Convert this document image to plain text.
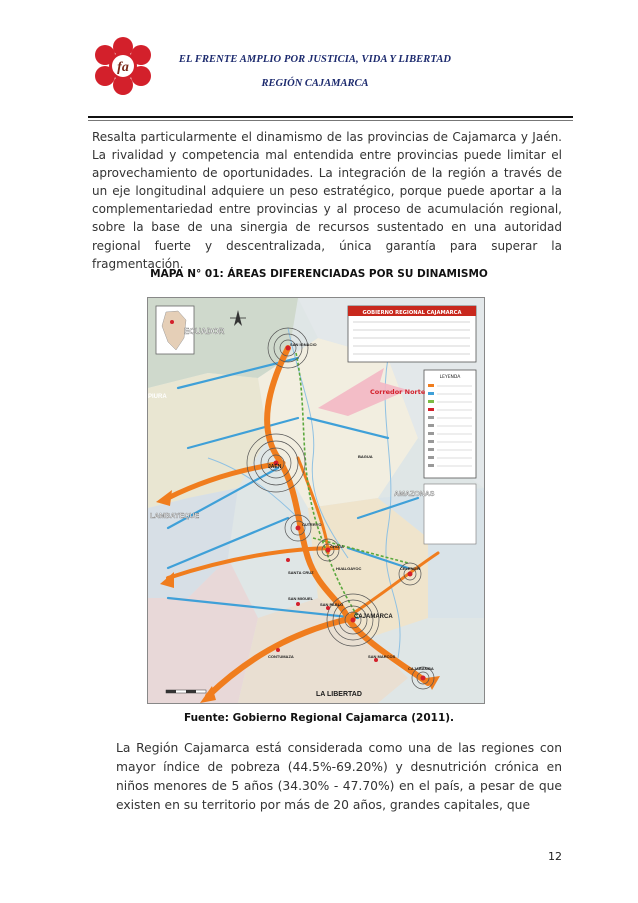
fa
EL FRENTE AMPLIO POR JUSTICIA, VIDA Y LIBERTAD
REGIÓN CAJAMARCA
Resalta particularmente el dinamismo de las provincias de Cajamarca y Jaén. La rivalidad y competencia mal entendida entre provincias puede limitar el aprovechamiento de oportunidades. La integración de la región a través de un eje longitudinal adquiere un peso estratégico, porque puede aportar a la complementariedad entre provincias y al proceso de acumulación regional, sobre la base de una sinergia de recursos sustentado en una autoridad regional fuerte y descentralizada, única garantía para superar la fragmentación.
MAPA N° 01: ÁREAS DIFERENCIADAS POR SU DINAMISMO
GOBIERNO REGIONAL CAJAMARCA
LEYENDA
Corredor Norte
ECUADOR
PIURA
JAÉN
AMAZONAS
LAMBAYEQUE
CAJAMARCA
LA LIBERTAD
SAN IGNACIO
CUTERVO
CHOTA
HUALGAYOC
SANTA CRUZ
CELENDÍN
SAN MIGUEL
SAN PABLO
CONTUMAZA	SAN MARCOS
CAJABAMBA
BAGUA
Fuente: Gobierno Regional Cajamarca (2011).
La Región Cajamarca está considerada como una de las regiones con mayor índice de pobreza (44.5%-69.20%) y desnutrición crónica en niños menores de 5 años (34.30% - 47.70%) en el país, a pesar de que existen en su territorio por más de 20 años, grandes capitales, que
12
